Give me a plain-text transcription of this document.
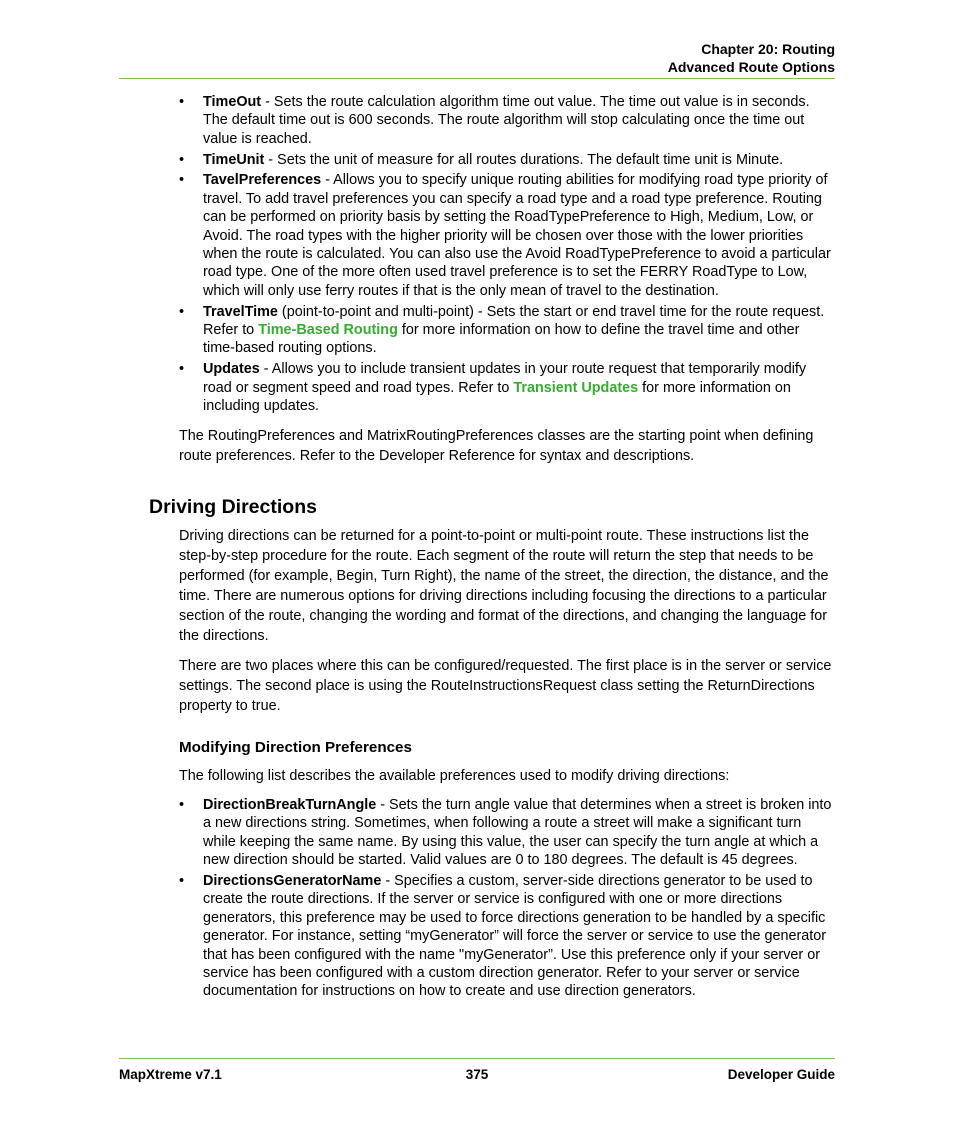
Chapter 20: Routing
Advanced Route Options
• TimeOut - Sets the route calculation algorithm time out value. The time out value is in seconds. The default time out is 600 seconds. The route algorithm will stop calculating once the time out value is reached.
• TimeUnit - Sets the unit of measure for all routes durations. The default time unit is Minute.
• TavelPreferences - Allows you to specify unique routing abilities for modifying road type priority of travel. To add travel preferences you can specify a road type and a road type preference. Routing can be performed on priority basis by setting the RoadTypePreference to High, Medium, Low, or Avoid. The road types with the higher priority will be chosen over those with the lower priorities when the route is calculated. You can also use the Avoid RoadTypePreference to avoid a particular road type. One of the more often used travel preference is to set the FERRY RoadType to Low, which will only use ferry routes if that is the only mean of travel to the destination.
• TravelTime (point-to-point and multi-point) - Sets the start or end travel time for the route request. Refer to Time-Based Routing for more information on how to define the travel time and other time-based routing options.
• Updates - Allows you to include transient updates in your route request that temporarily modify road or segment speed and road types. Refer to Transient Updates for more information on including updates.

The RoutingPreferences and MatrixRoutingPreferences classes are the starting point when defining route preferences. Refer to the Developer Reference for syntax and descriptions.

Driving Directions

Driving directions can be returned for a point-to-point or multi-point route. These instructions list the step-by-step procedure for the route. Each segment of the route will return the step that needs to be performed (for example, Begin, Turn Right), the name of the street, the direction, the distance, and the time. There are numerous options for driving directions including focusing the directions to a particular section of the route, changing the wording and format of the directions, and changing the language for the directions.

There are two places where this can be configured/requested. The first place is in the server or service settings. The second place is using the RouteInstructionsRequest class setting the ReturnDirections property to true.

Modifying Direction Preferences

The following list describes the available preferences used to modify driving directions:

• DirectionBreakTurnAngle - Sets the turn angle value that determines when a street is broken into a new directions string. Sometimes, when following a route a street will make a significant turn while keeping the same name. By using this value, the user can specify the turn angle at which a new direction should be started. Valid values are 0 to 180 degrees. The default is 45 degrees.
• DirectionsGeneratorName - Specifies a custom, server-side directions generator to be used to create the route directions. If the server or service is configured with one or more directions generators, this preference may be used to force directions generation to be handled by a specific generator. For instance, setting “myGenerator” will force the server or service to use the generator that has been configured with the name "myGenerator”. Use this preference only if your server or service has been configured with a custom direction generator. Refer to your server or service documentation for instructions on how to create and use direction generators.
MapXtreme v7.1	375	Developer Guide
